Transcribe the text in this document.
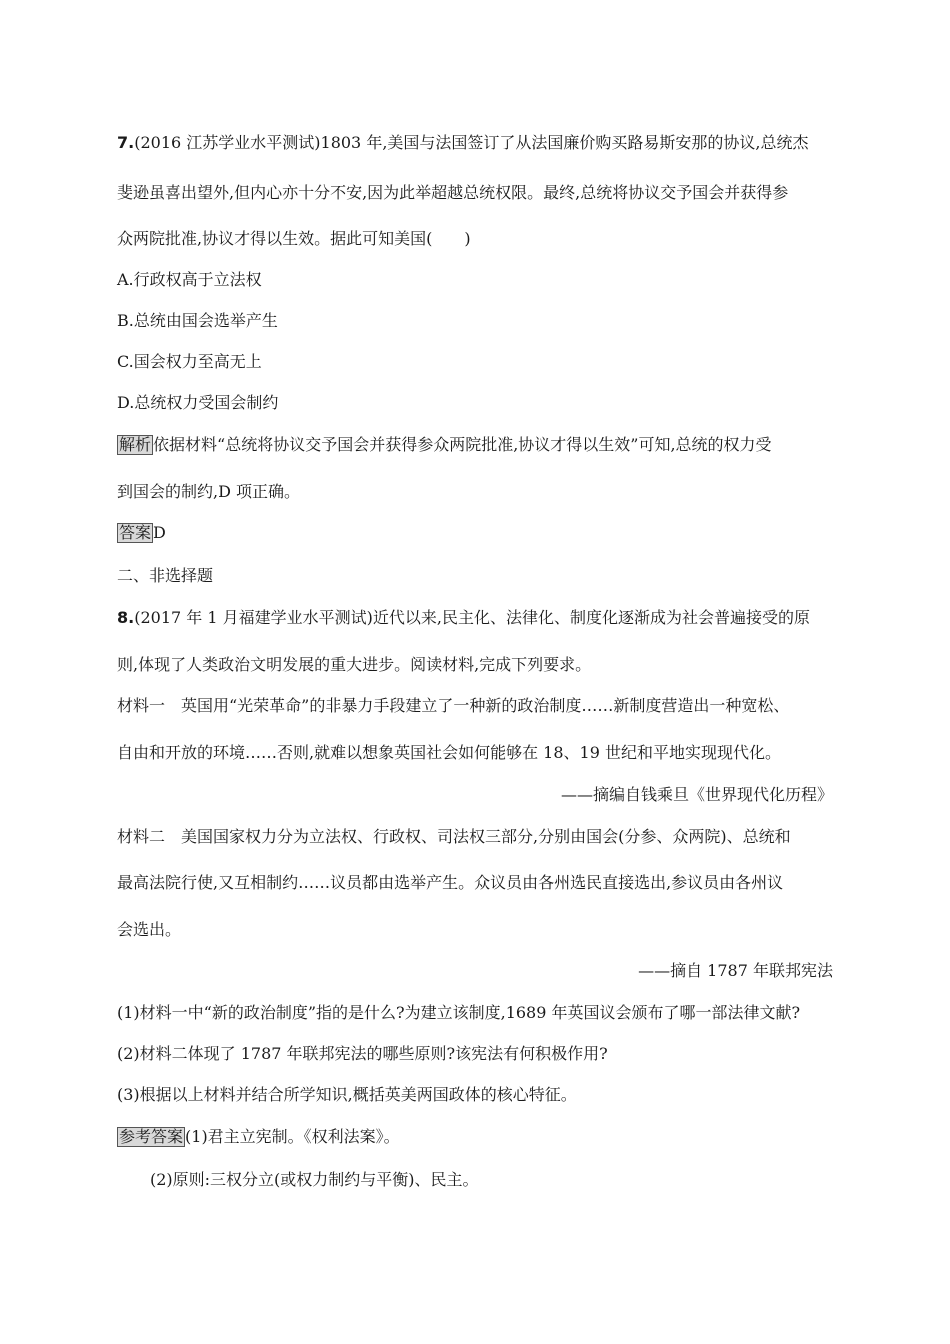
7.(2016 江苏学业水平测试)1803 年,美国与法国签订了从法国廉价购买路易斯安那的协议,总统杰
斐逊虽喜出望外,但内心亦十分不安,因为此举超越总统权限。最终,总统将协议交予国会并获得参
众两院批准,协议才得以生效。据此可知美国(　　)
A.行政权高于立法权
B.总统由国会选举产生
C.国会权力至高无上
D.总统权力受国会制约
解析 依据材料“总统将协议交予国会并获得参众两院批准,协议才得以生效”可知,总统的权力受
到国会的制约,D 项正确。
答案 D
二、非选择题
8.(2017 年 1 月福建学业水平测试)近代以来,民主化、法律化、制度化逐渐成为社会普遍接受的原
则,体现了人类政治文明发展的重大进步。阅读材料,完成下列要求。
材料一　英国用“光荣革命”的非暴力手段建立了一种新的政治制度……新制度营造出一种宽松、
自由和开放的环境……否则,就难以想象英国社会如何能够在 18、19 世纪和平地实现现代化。
——摘编自钱乘旦《世界现代化历程》
材料二　美国国家权力分为立法权、行政权、司法权三部分,分别由国会(分参、众两院)、总统和
最高法院行使,又互相制约……议员都由选举产生。众议员由各州选民直接选出,参议员由各州议
会选出。
——摘自 1787 年联邦宪法
(1)材料一中“新的政治制度”指的是什么?为建立该制度,1689 年英国议会颁布了哪一部法律文献?
(2)材料二体现了 1787 年联邦宪法的哪些原则?该宪法有何积极作用?
(3)根据以上材料并结合所学知识,概括英美两国政体的核心特征。
参考答案 (1)君主立宪制。《权利法案》。
(2)原则:三权分立(或权力制约与平衡)、民主。
